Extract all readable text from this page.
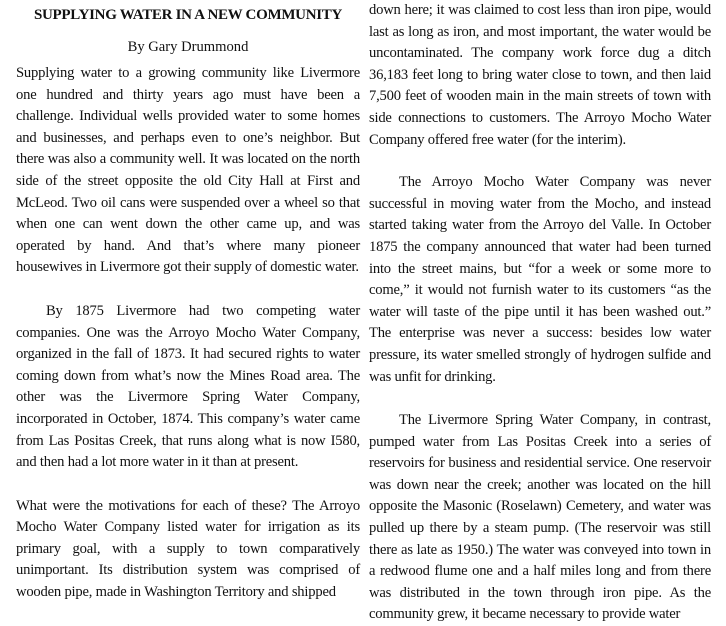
SUPPLYING WATER IN A NEW COMMUNITY
By Gary Drummond

Supplying water to a growing community like Livermore one hundred and thirty years ago must have been a challenge. Individual wells provided water to some homes and businesses, and perhaps even to one’s neighbor. But there was also a community well. It was located on the north side of the street opposite the old City Hall at First and McLeod. Two oil cans were suspended over a wheel so that when one can went down the other came up, and was operated by hand. And that’s where many pioneer housewives in Livermore got their supply of domestic water.

By 1875 Livermore had two competing water companies. One was the Arroyo Mocho Water Company, organized in the fall of 1873. It had secured rights to water coming down from what’s now the Mines Road area. The other was the Livermore Spring Water Company, incorporated in October, 1874. This company’s water came from Las Positas Creek, that runs along what is now I580, and then had a lot more water in it than at present.

What were the motivations for each of these? The Arroyo Mocho Water Company listed water for irrigation as its primary goal, with a supply to town comparatively unimportant. Its distribution system was comprised of wooden pipe, made in Washington Territory and shipped

down here; it was claimed to cost less than iron pipe, would last as long as iron, and most important, the water would be uncontaminated. The company work force dug a ditch 36,183 feet long to bring water close to town, and then laid 7,500 feet of wooden main in the main streets of town with side connections to customers. The Arroyo Mocho Water Company offered free water (for the interim).

The Arroyo Mocho Water Company was never successful in moving water from the Mocho, and instead started taking water from the Arroyo del Valle. In October 1875 the company announced that water had been turned into the street mains, but “for a week or some more to come,” it would not furnish water to its customers “as the water will taste of the pipe until it has been washed out.” The enterprise was never a success: besides low water pressure, its water smelled strongly of hydrogen sulfide and was unfit for drinking.

The Livermore Spring Water Company, in contrast, pumped water from Las Positas Creek into a series of reservoirs for business and residential service. One reservoir was down near the creek; another was located on the hill opposite the Masonic (Roselawn) Cemetery, and water was pulled up there by a steam pump. (The reservoir was still there as late as 1950.) The water was conveyed into town in a redwood flume one and a half miles long and from there was distributed in the town through iron pipe. As the community grew, it became necessary to provide water
